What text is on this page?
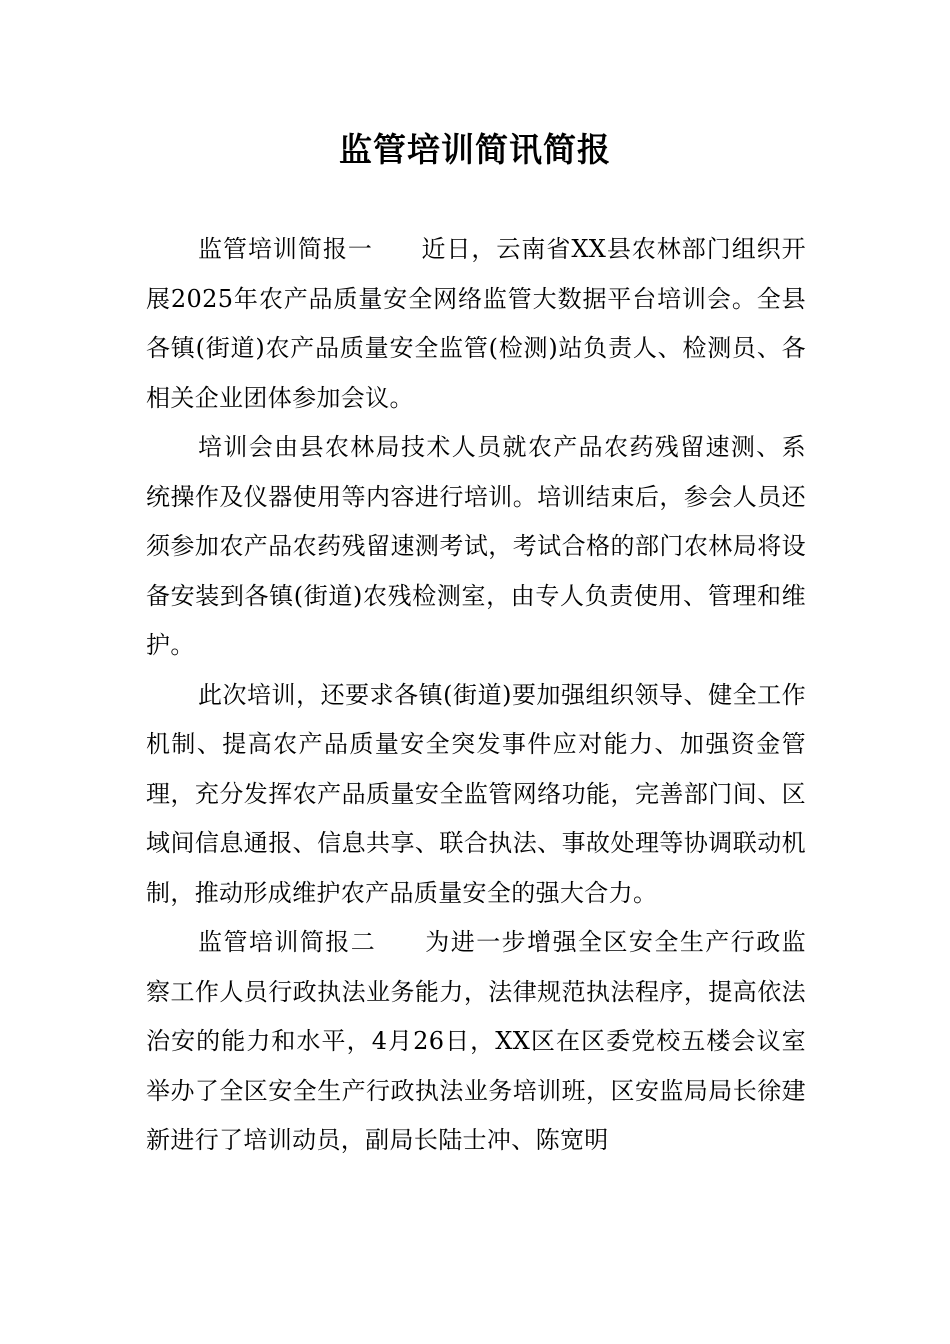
监管培训简讯简报

监管培训简报一 近日，云南省XX县农林部门组织开展2025年农产品质量安全网络监管大数据平台培训会。全县各镇(街道)农产品质量安全监管(检测)站负责人、检测员、各相关企业团体参加会议。

培训会由县农林局技术人员就农产品农药残留速测、系统操作及仪器使用等内容进行培训。培训结束后，参会人员还须参加农产品农药残留速测考试，考试合格的部门农林局将设备安装到各镇(街道)农残检测室，由专人负责使用、管理和维护。

此次培训，还要求各镇(街道)要加强组织领导、健全工作机制、提高农产品质量安全突发事件应对能力、加强资金管理，充分发挥农产品质量安全监管网络功能，完善部门间、区域间信息通报、信息共享、联合执法、事故处理等协调联动机制，推动形成维护农产品质量安全的强大合力。

监管培训简报二 为进一步增强全区安全生产行政监察工作人员行政执法业务能力，法律规范执法程序，提高依法治安的能力和水平，4月26日，XX区在区委党校五楼会议室举办了全区安全生产行政执法业务培训班，区安监局局长徐建新进行了培训动员，副局长陆士冲、陈宽明
